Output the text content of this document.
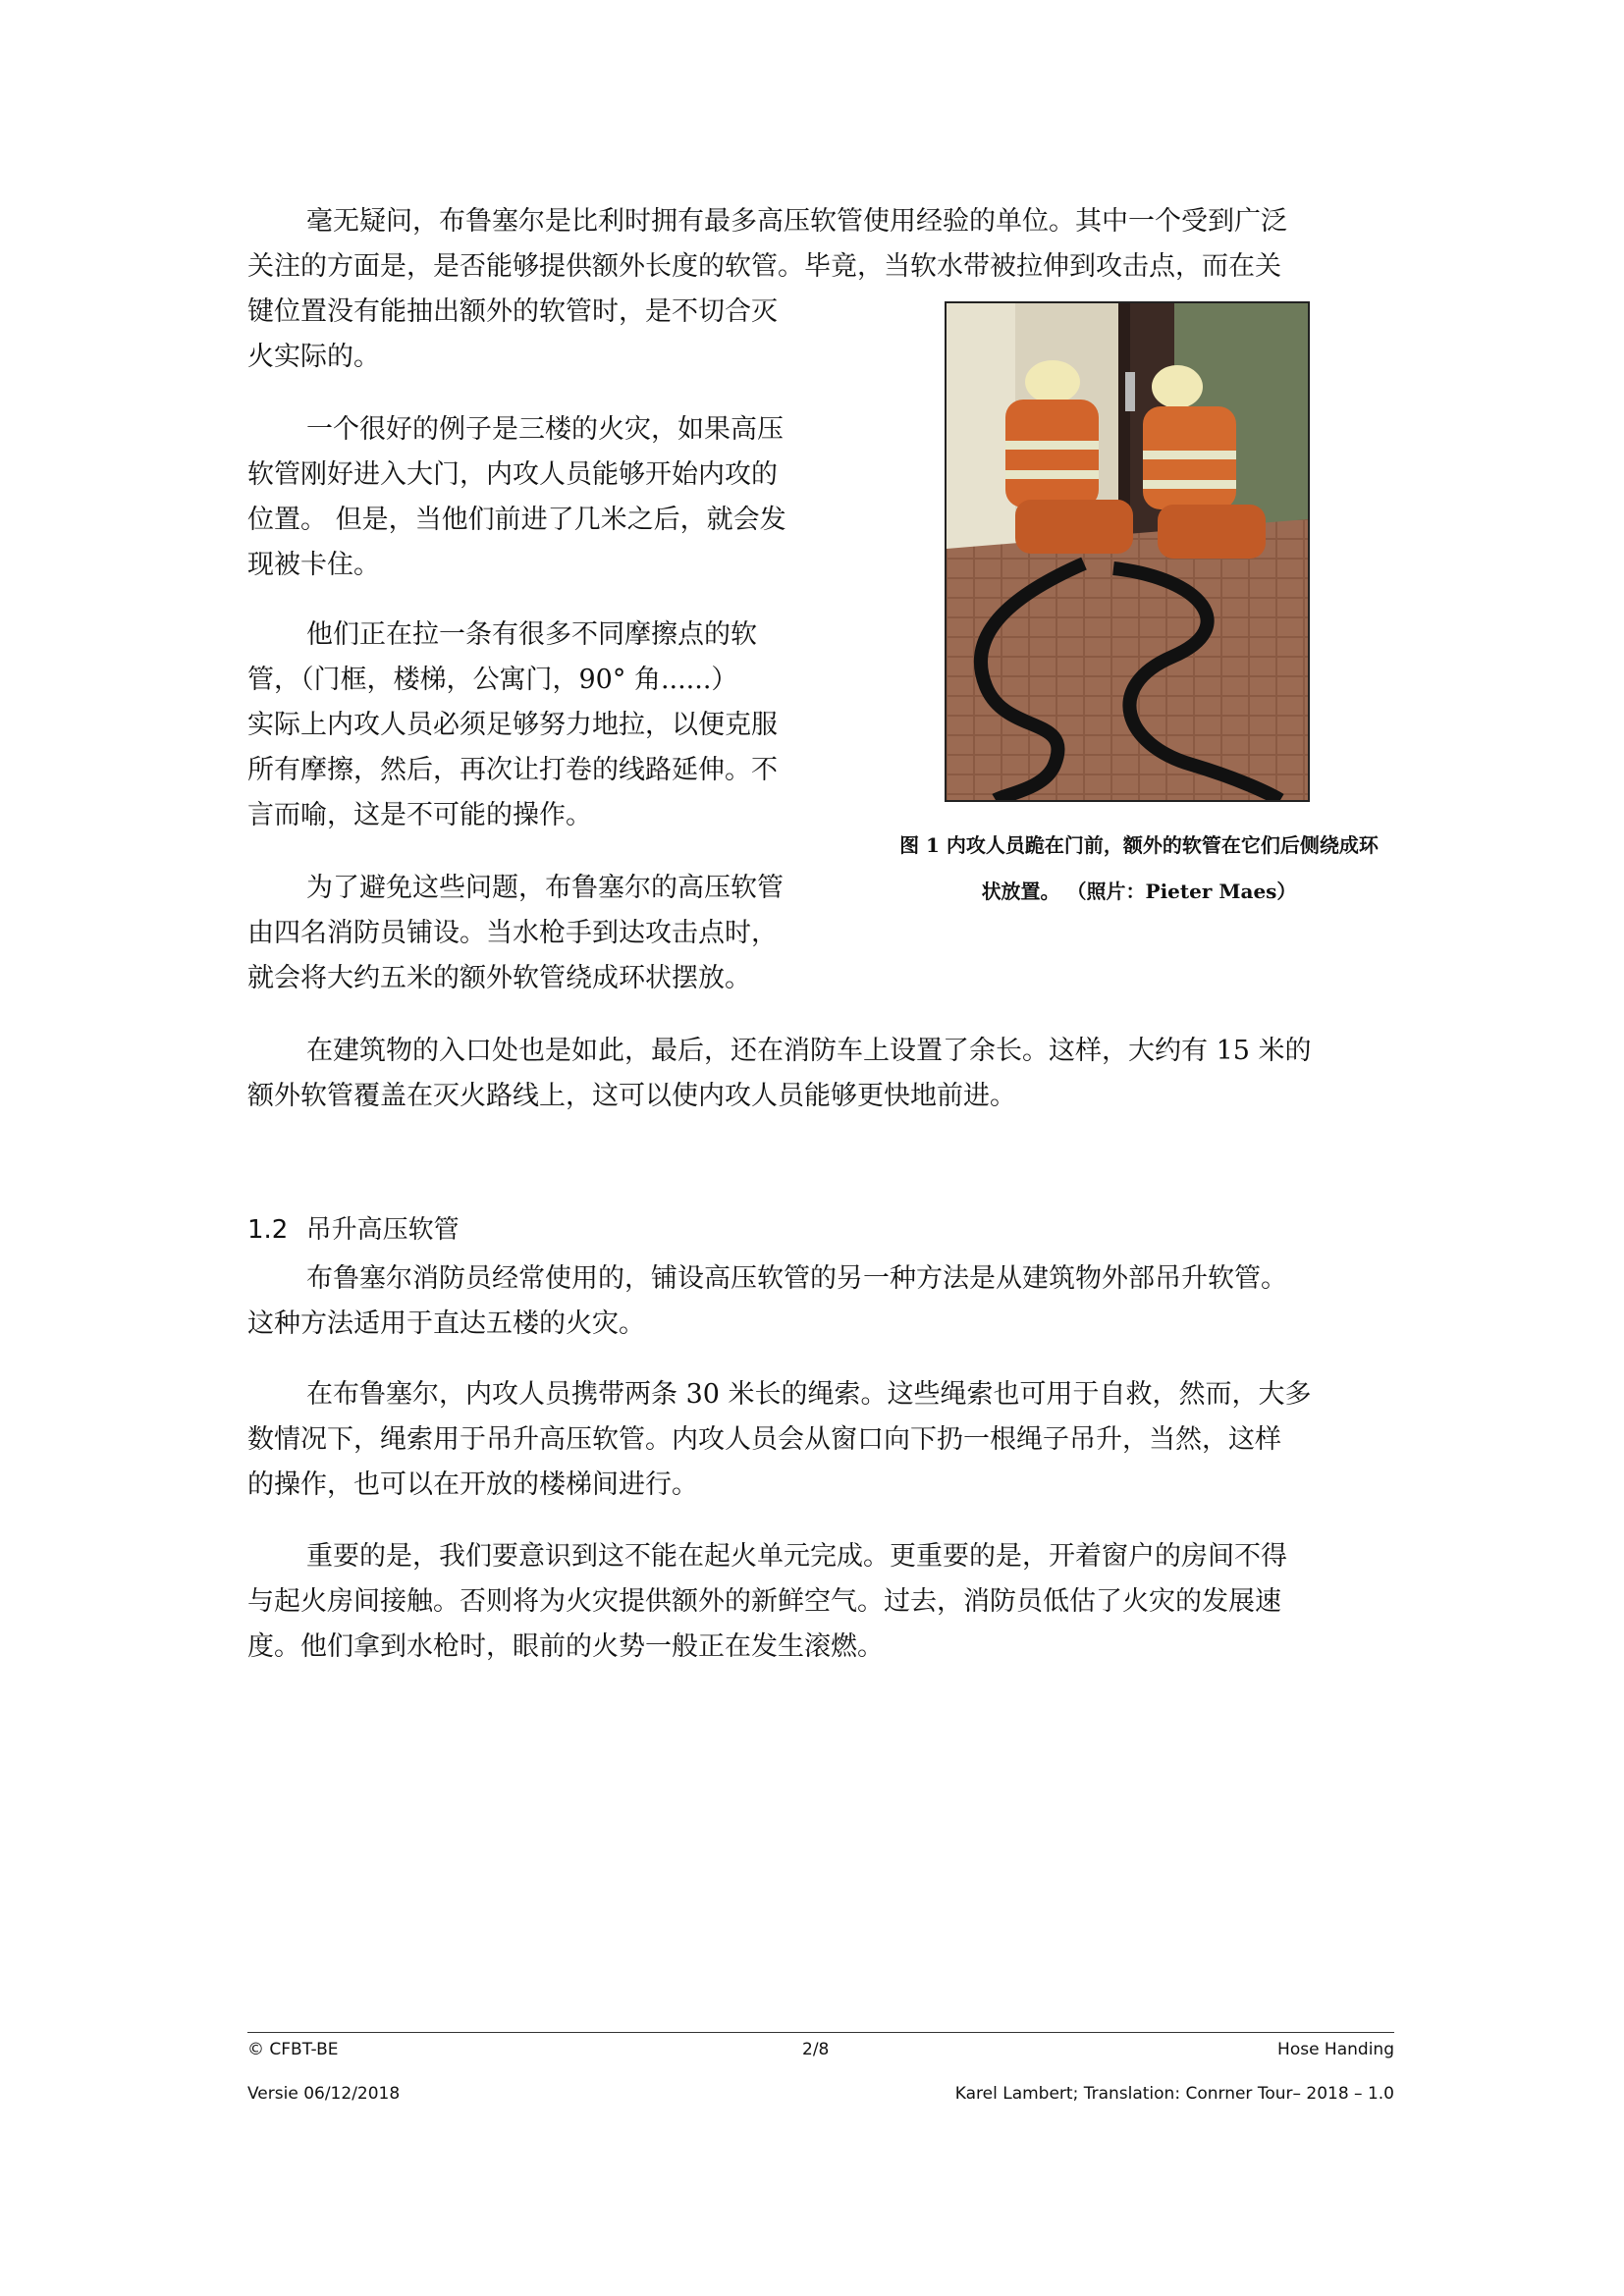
毫无疑问，布鲁塞尔是比利时拥有最多高压软管使用经验的单位。其中一个受到广泛
关注的方面是，是否能够提供额外长度的软管。毕竟，当软水带被拉伸到攻击点，而在关
键位置没有能抽出额外的软管时，是不切合灭
火实际的。
一个很好的例子是三楼的火灾，如果高压
软管刚好进入大门，内攻人员能够开始内攻的
位置。 但是，当他们前进了几米之后，就会发
现被卡住。
他们正在拉一条有很多不同摩擦点的软
管，（门框，楼梯，公寓门，90° 角......）
实际上内攻人员必须足够努力地拉，以便克服
所有摩擦，然后，再次让打卷的线路延伸。不
言而喻，这是不可能的操作。
为了避免这些问题，布鲁塞尔的高压软管
由四名消防员铺设。当水枪手到达攻击点时，
就会将大约五米的额外软管绕成环状摆放。
图 1 内攻人员跪在门前，额外的软管在它们后侧绕成环
状放置。 （照片：Pieter Maes）
在建筑物的入口处也是如此，最后，还在消防车上设置了余长。这样，大约有 15 米的
额外软管覆盖在灭火路线上，这可以使内攻人员能够更快地前进。
1.2 吊升高压软管
布鲁塞尔消防员经常使用的，铺设高压软管的另一种方法是从建筑物外部吊升软管。
这种方法适用于直达五楼的火灾。
在布鲁塞尔，内攻人员携带两条 30 米长的绳索。这些绳索也可用于自救，然而，大多
数情况下，绳索用于吊升高压软管。内攻人员会从窗口向下扔一根绳子吊升，当然，这样
的操作，也可以在开放的楼梯间进行。
重要的是，我们要意识到这不能在起火单元完成。更重要的是，开着窗户的房间不得
与起火房间接触。否则将为火灾提供额外的新鲜空气。过去，消防员低估了火灾的发展速
度。他们拿到水枪时，眼前的火势一般正在发生滚燃。
© CFBT-BE	2/8	Hose Handing
Versie 06/12/2018	Karel Lambert; Translation: Conrner Tour– 2018 – 1.0
